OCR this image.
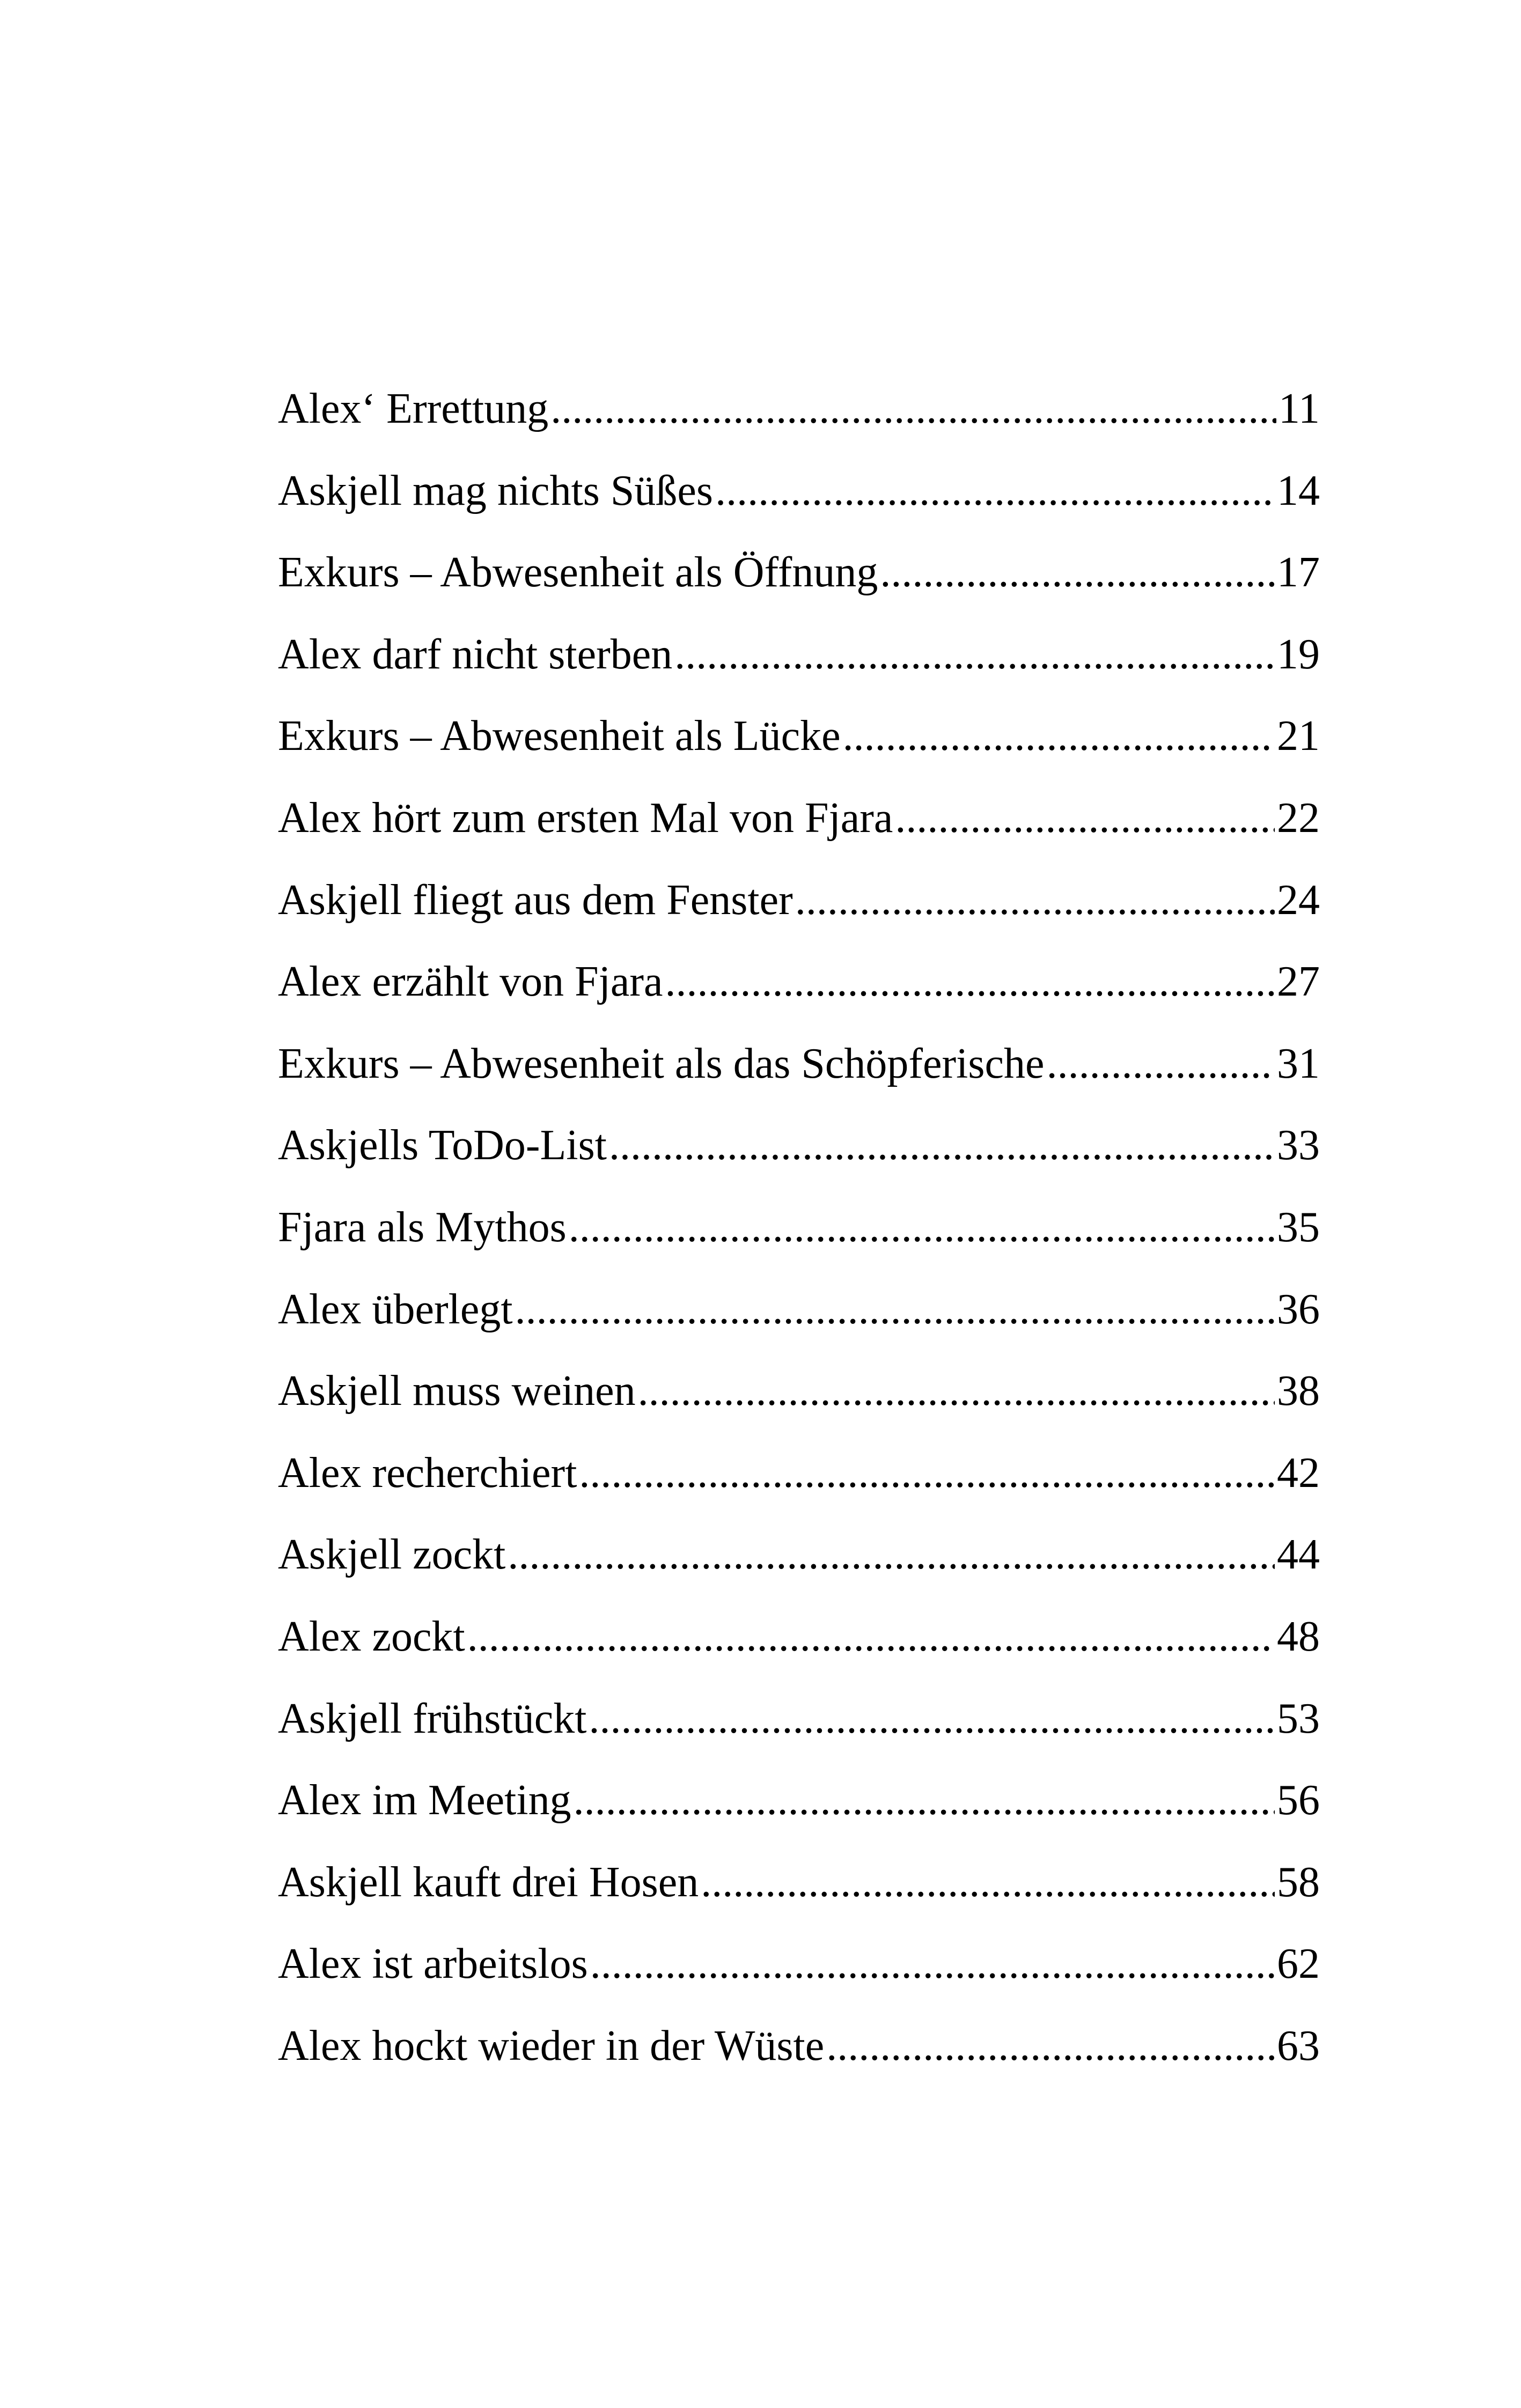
Alex‘ Errettung .....	11
Askjell mag nichts Süßes .....	14
Exkurs – Abwesenheit als Öffnung .....	17
Alex darf nicht sterben .....	19
Exkurs – Abwesenheit als Lücke .....	21
Alex hört zum ersten Mal von Fjara .....	22
Askjell fliegt aus dem Fenster .....	24
Alex erzählt von Fjara .....	27
Exkurs – Abwesenheit als das Schöpferische .....	31
Askjells ToDo-List .....	33
Fjara als Mythos .....	35
Alex überlegt .....	36
Askjell muss weinen .....	38
Alex recherchiert .....	42
Askjell zockt .....	44
Alex zockt .....	48
Askjell frühstückt .....	53
Alex im Meeting .....	56
Askjell kauft drei Hosen .....	58
Alex ist arbeitslos .....	62
Alex hockt wieder in der Wüste .....	63
